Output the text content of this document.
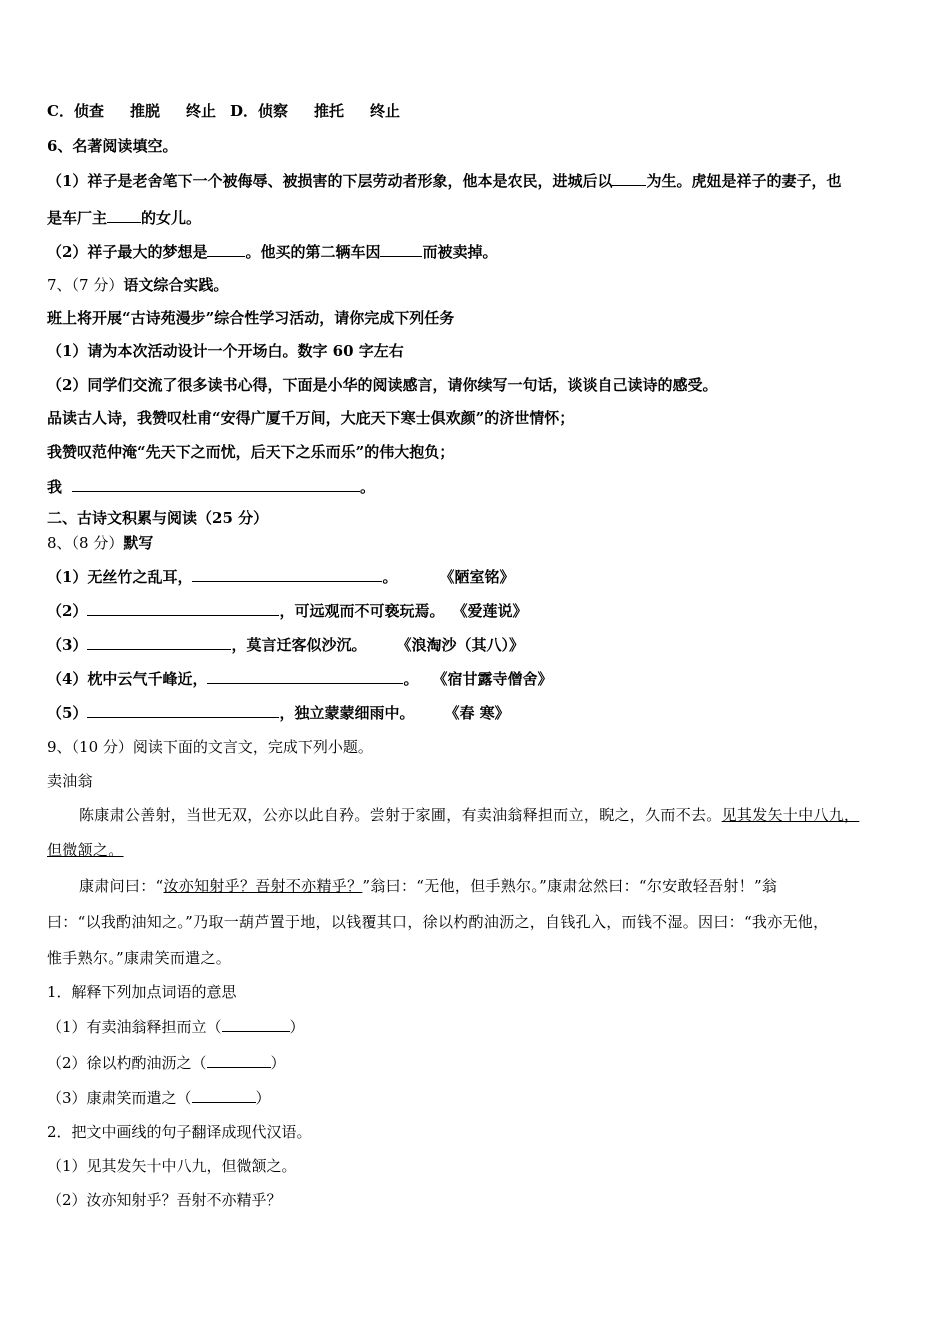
C．侦查 推脱 终止 D．侦察 推托 终止
6、名著阅读填空。
（1）祥子是老舍笔下一个被侮辱、被损害的下层劳动者形象，他本是农民，进城后以 为生。虎妞是祥子的妻子，也
是车厂主 的女儿。
（2）祥子最大的梦想是	。他买的第二辆车因	而被卖掉。
7、（7 分）语文综合实践。
班上将开展“古诗苑漫步”综合性学习活动，请你完成下列任务
（1）请为本次活动设计一个开场白。数字 60 字左右
（2）同学们交流了很多读书心得，下面是小华的阅读感言，请你续写一句话，谈谈自己读诗的感受。
品读古人诗，我赞叹杜甫“安得广厦千万间，大庇天下寒士俱欢颜”的济世情怀；
我赞叹范仲淹“先天下之而忧，后天下之乐而乐”的伟大抱负；
我	。
二、古诗文积累与阅读（25 分）
8、（8 分）默写
（1）无丝竹之乱耳，	。	《陋室铭》
（2）	，可远观而不可亵玩焉。 《爱莲说》
（3）	，莫言迁客似沙沉。 《浪淘沙（其八）》
（4）枕中云气千峰近，	。 《宿甘露寺僧舍》
（5）	，独立蒙蒙细雨中。 《春 寒》
9、（10 分）阅读下面的文言文，完成下列小题。
卖油翁
陈康肃公善射，当世无双，公亦以此自矜。尝射于家圃，有卖油翁释担而立，睨之，久而不去。见其发矢十中八九，
但微颔之。
康肃问曰：“汝亦知射乎？吾射不亦精乎？”翁曰：“无他，但手熟尔。”康肃忿然曰：“尔安敢轻吾射！”翁
曰：“以我酌油知之。”乃取一葫芦置于地，以钱覆其口，徐以杓酌油沥之，自钱孔入，而钱不湿。因曰：“我亦无他，
惟手熟尔。”康肃笑而遣之。
1．解释下列加点词语的意思
（1）有卖油翁释担而立（	）
（2）徐以杓酌油沥之（	）
（3）康肃笑而遣之（	）
2．把文中画线的句子翻译成现代汉语。
（1）见其发矢十中八九，但微颔之。
（2）汝亦知射乎？吾射不亦精乎？
